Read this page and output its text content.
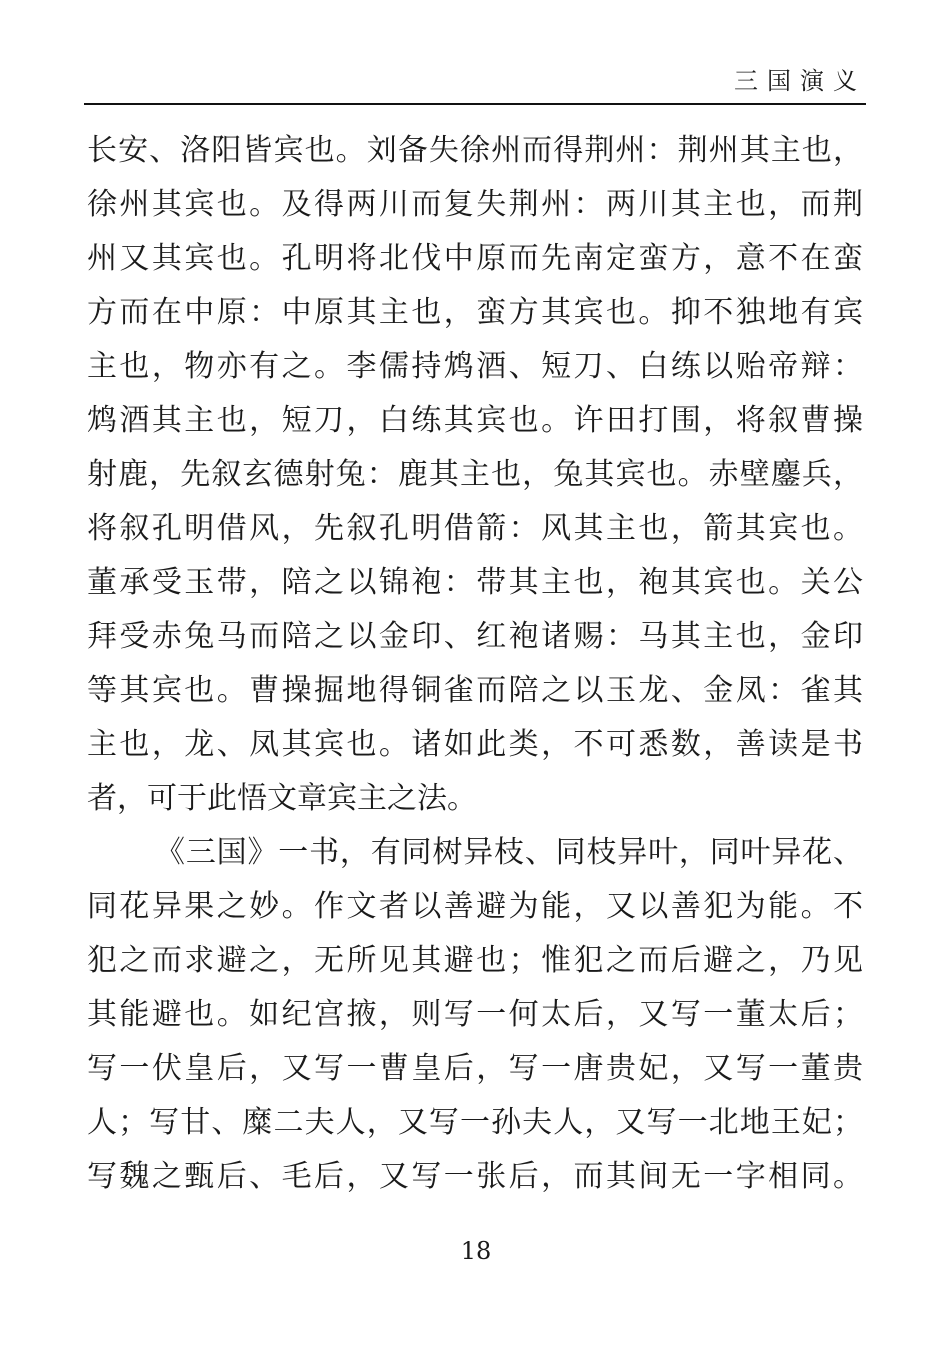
三国演义
长安、洛阳皆宾也。刘备失徐州而得荆州：荆州其主也，
徐州其宾也。及得两川而复失荆州：两川其主也，而荆
州又其宾也。孔明将北伐中原而先南定蛮方，意不在蛮
方而在中原：中原其主也，蛮方其宾也。抑不独地有宾
主也，物亦有之。李儒持鸩酒、短刀、白练以贻帝辩：
鸩酒其主也，短刀，白练其宾也。许田打围，将叙曹操
射鹿，先叙玄德射兔：鹿其主也，兔其宾也。赤壁鏖兵，
将叙孔明借风，先叙孔明借箭：风其主也，箭其宾也。
董承受玉带，陪之以锦袍：带其主也，袍其宾也。关公
拜受赤兔马而陪之以金印、红袍诸赐：马其主也，金印
等其宾也。曹操掘地得铜雀而陪之以玉龙、金凤：雀其
主也，龙、凤其宾也。诸如此类，不可悉数，善读是书
者，可于此悟文章宾主之法。
《三国》一书，有同树异枝、同枝异叶，同叶异花、
同花异果之妙。作文者以善避为能，又以善犯为能。不
犯之而求避之，无所见其避也；惟犯之而后避之，乃见
其能避也。如纪宫掖，则写一何太后，又写一董太后；
写一伏皇后，又写一曹皇后，写一唐贵妃，又写一董贵
人；写甘、糜二夫人，又写一孙夫人，又写一北地王妃；
写魏之甄后、毛后，又写一张后，而其间无一字相同。
18
